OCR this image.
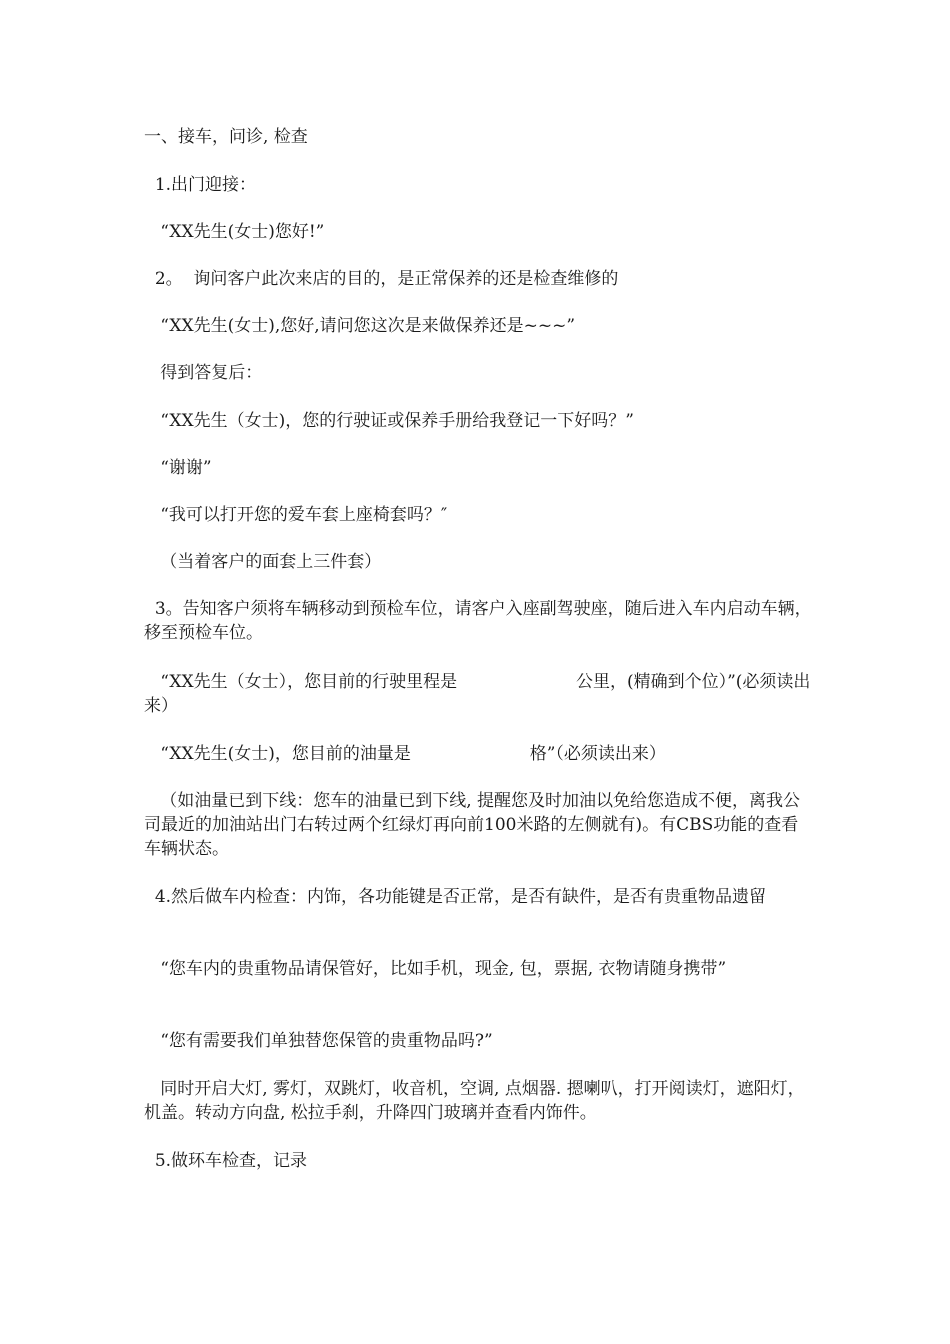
一、接车，问诊, 检查

1.出门迎接：

“XX先生(女士)您好!”

2。  询问客户此次来店的目的，是正常保养的还是检查维修的

“XX先生(女士),您好,请问您这次是来做保养还是~~~”

得到答复后：

“XX先生（女士)，您的行驶证或保养手册给我登记一下好吗？”

“谢谢”

“我可以打开您的爱车套上座椅套吗？″

（当着客户的面套上三件套）

3。告知客户须将车辆移动到预检车位，请客户入座副驾驶座，随后进入车内启动车辆，移至预检车位。

“XX先生（女士），您目前的行驶里程是                      公里，(精确到个位）”(必须读出来）

“XX先生(女士)，您目前的油量是                      格”（必须读出来）

（如油量已到下线：您车的油量已到下线, 提醒您及时加油以免给您造成不便，离我公司最近的加油站出门右转过两个红绿灯再向前100米路的左侧就有)。有CBS功能的查看车辆状态。

4.然后做车内检查：内饰，各功能键是否正常，是否有缺件，是否有贵重物品遗留

“您车内的贵重物品请保管好，比如手机，现金, 包，票据, 衣物请随身携带”

“您有需要我们单独替您保管的贵重物品吗?”

同时开启大灯, 雾灯，双跳灯，收音机，空调, 点烟器. 摁喇叭，打开阅读灯，遮阳灯，机盖。转动方向盘, 松拉手刹，升降四门玻璃并查看内饰件。

5.做环车检查，记录
